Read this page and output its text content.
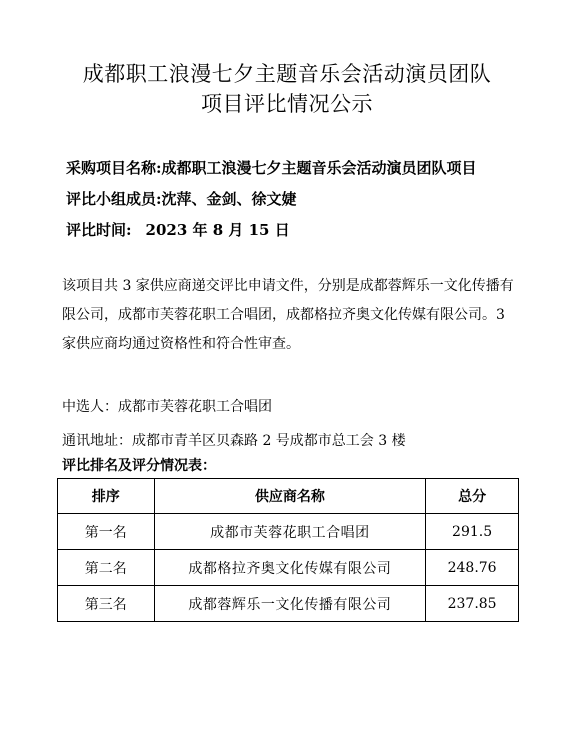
成都职工浪漫七夕主题音乐会活动演员团队
项目评比情况公示
采购项目名称:成都职工浪漫七夕主题音乐会活动演员团队项目
评比小组成员:沈萍、金剑、徐文婕
评比时间: 2023 年 8 月 15 日
该项目共 3 家供应商递交评比申请文件，分别是成都蓉辉乐一文化传播有限公司，成都市芙蓉花职工合唱团，成都格拉齐奥文化传媒有限公司。3 家供应商均通过资格性和符合性审查。
中选人：成都市芙蓉花职工合唱团
通讯地址：成都市青羊区贝森路 2 号成都市总工会 3 楼
评比排名及评分情况表：
排序	供应商名称	总分
第一名	成都市芙蓉花职工合唱团	291.5
第二名	成都格拉齐奥文化传媒有限公司	248.76
第三名	成都蓉辉乐一文化传播有限公司	237.85
